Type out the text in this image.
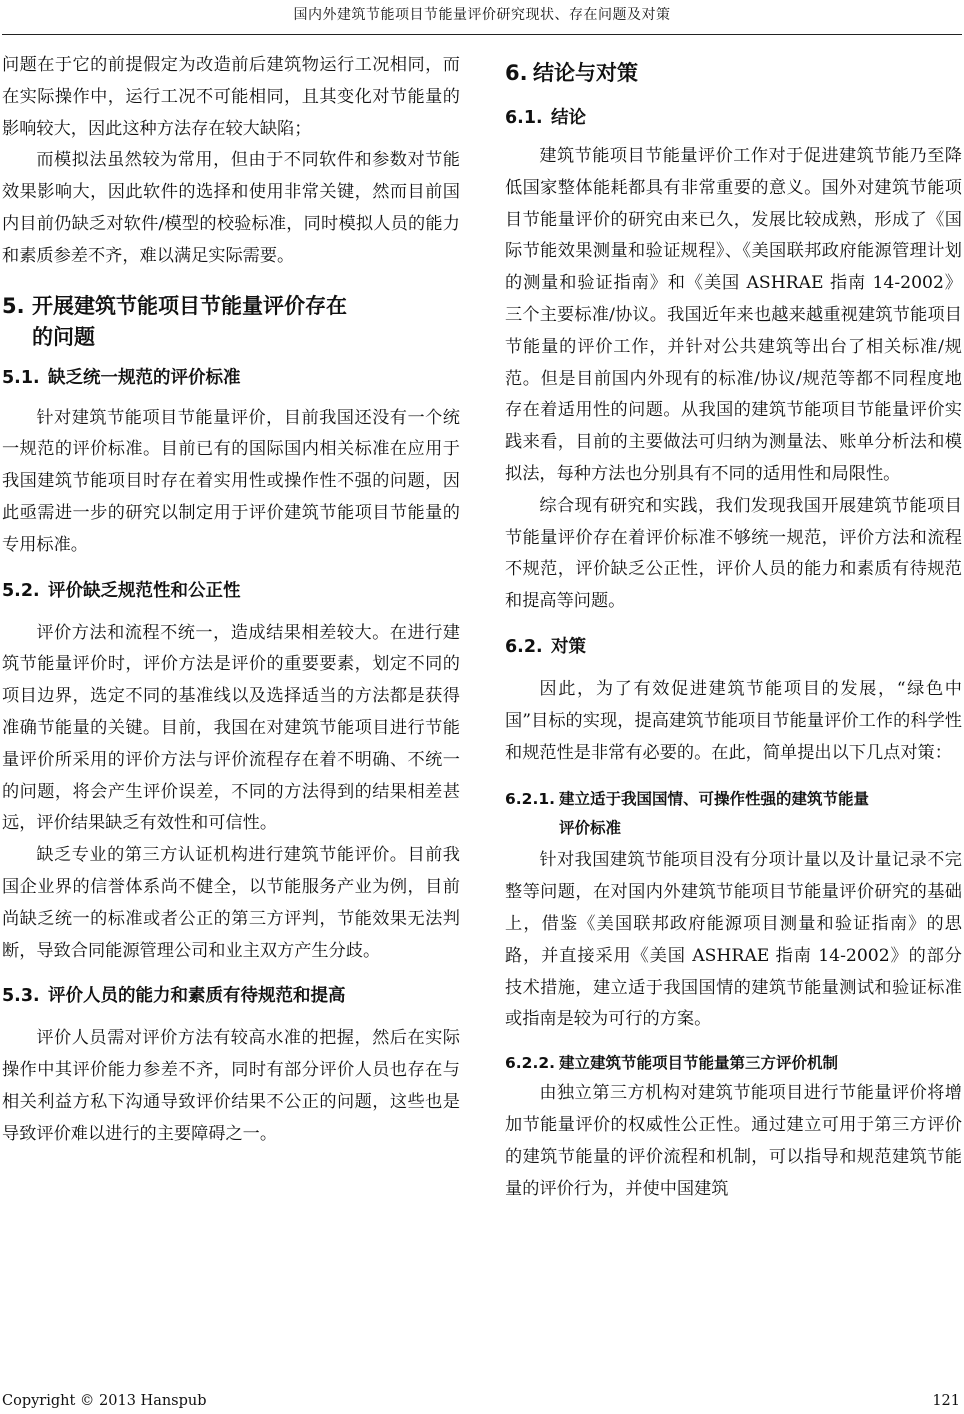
国内外建筑节能项目节能量评价研究现状、存在问题及对策

问题在于它的前提假定为改造前后建筑物运行工况相同，而在实际操作中，运行工况不可能相同，且其变化对节能量的影响较大，因此这种方法存在较大缺陷；

而模拟法虽然较为常用，但由于不同软件和参数对节能效果影响大，因此软件的选择和使用非常关键，然而目前国内目前仍缺乏对软件/模型的校验标准，同时模拟人员的能力和素质参差不齐，难以满足实际需要。

5. 开展建筑节能项目节能量评价存在的问题
5.1. 缺乏统一规范的评价标准

针对建筑节能项目节能量评价，目前我国还没有一个统一规范的评价标准。目前已有的国际国内相关标准在应用于我国建筑节能项目时存在着实用性或操作性不强的问题，因此亟需进一步的研究以制定用于评价建筑节能项目节能量的专用标准。

5.2. 评价缺乏规范性和公正性

评价方法和流程不统一，造成结果相差较大。在进行建筑节能量评价时，评价方法是评价的重要要素，划定不同的项目边界，选定不同的基准线以及选择适当的方法都是获得准确节能量的关键。目前，我国在对建筑节能项目进行节能量评价所采用的评价方法与评价流程存在着不明确、不统一的问题，将会产生评价误差，不同的方法得到的结果相差甚远，评价结果缺乏有效性和可信性。

缺乏专业的第三方认证机构进行建筑节能评价。目前我国企业界的信誉体系尚不健全，以节能服务产业为例，目前尚缺乏统一的标准或者公正的第三方评判，节能效果无法判断，导致合同能源管理公司和业主双方产生分歧。

5.3. 评价人员的能力和素质有待规范和提高

评价人员需对评价方法有较高水准的把握，然后在实际操作中其评价能力参差不齐，同时有部分评价人员也存在与相关利益方私下沟通导致评价结果不公正的问题，这些也是导致评价难以进行的主要障碍之一。

6. 结论与对策
6.1. 结论

建筑节能项目节能量评价工作对于促进建筑节能乃至降低国家整体能耗都具有非常重要的意义。国外对建筑节能项目节能量评价的研究由来已久，发展比较成熟，形成了《国际节能效果测量和验证规程》、《美国联邦政府能源管理计划的测量和验证指南》和《美国 ASHRAE 指南 14-2002》三个主要标准/协议。我国近年来也越来越重视建筑节能项目节能量的评价工作，并针对公共建筑等出台了相关标准/规范。但是目前国内外现有的标准/协议/规范等都不同程度地存在着适用性的问题。从我国的建筑节能项目节能量评价实践来看，目前的主要做法可归纳为测量法、账单分析法和模拟法，每种方法也分别具有不同的适用性和局限性。

综合现有研究和实践，我们发现我国开展建筑节能项目节能量评价存在着评价标准不够统一规范，评价方法和流程不规范，评价缺乏公正性，评价人员的能力和素质有待规范和提高等问题。

6.2. 对策

因此，为了有效促进建筑节能项目的发展，“绿色中国”目标的实现，提高建筑节能项目节能量评价工作的科学性和规范性是非常有必要的。在此，简单提出以下几点对策：

6.2.1. 建立适于我国国情、可操作性强的建筑节能量评价标准

针对我国建筑节能项目没有分项计量以及计量记录不完整等问题，在对国内外建筑节能项目节能量评价研究的基础上，借鉴《美国联邦政府能源项目测量和验证指南》的思路，并直接采用《美国 ASHRAE 指南 14-2002》的部分技术措施，建立适于我国国情的建筑节能量测试和验证标准或指南是较为可行的方案。

6.2.2. 建立建筑节能项目节能量第三方评价机制

由独立第三方机构对建筑节能项目进行节能量评价将增加节能量评价的权威性公正性。通过建立可用于第三方评价的建筑节能量的评价流程和机制，可以指导和规范建筑节能量的评价行为，并使中国建筑

Copyright © 2013 Hanspub	121
